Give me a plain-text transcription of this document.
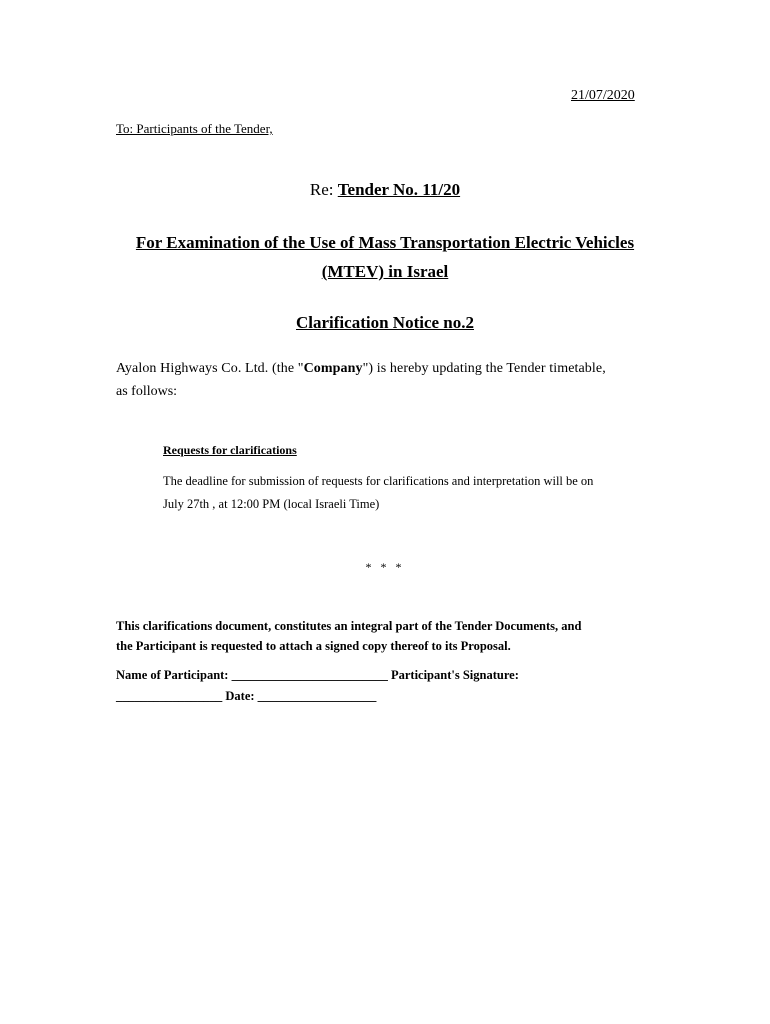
21/07/2020
To: Participants of the Tender,
Re: Tender No. 11/20
For Examination of the Use of Mass Transportation Electric Vehicles
(MTEV) in Israel
Clarification Notice no.2
Ayalon Highways Co. Ltd. (the "Company") is hereby updating the Tender timetable,
as follows:
Requests for clarifications
The deadline for submission of requests for clarifications and interpretation will be on
July 27th , at 12:00 PM (local Israeli Time)
* * *
This clarifications document, constitutes an integral part of the Tender Documents, and
the Participant is requested to attach a signed copy thereof to its Proposal.
Name of Participant: _________________________ Participant's Signature:
_________________ Date: ___________________
